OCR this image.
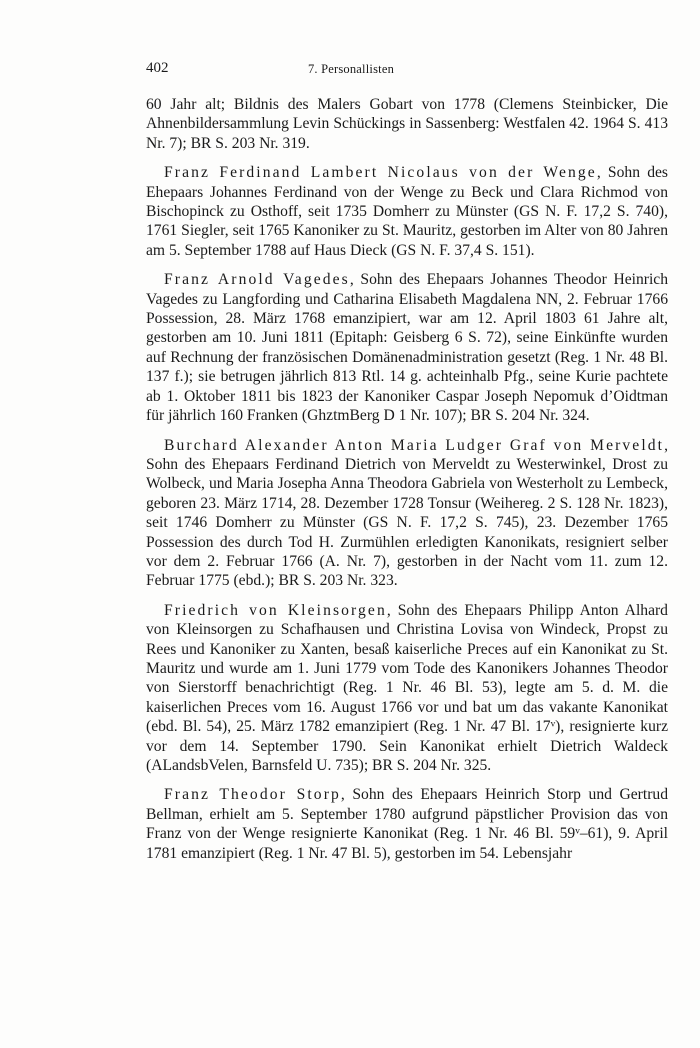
402	7. Personallisten

60 Jahr alt; Bildnis des Malers Gobart von 1778 (Clemens Steinbicker, Die Ahnenbildersammlung Levin Schückings in Sassenberg: Westfalen 42. 1964 S. 413 Nr. 7); BR S. 203 Nr. 319.

Franz Ferdinand Lambert Nicolaus von der Wenge, Sohn des Ehepaars Johannes Ferdinand von der Wenge zu Beck und Clara Richmod von Bischopinck zu Osthoff, seit 1735 Domherr zu Münster (GS N. F. 17,2 S. 740), 1761 Siegler, seit 1765 Kanoniker zu St. Mauritz, gestorben im Alter von 80 Jahren am 5. September 1788 auf Haus Dieck (GS N. F. 37,4 S. 151).

Franz Arnold Vagedes, Sohn des Ehepaars Johannes Theodor Heinrich Vagedes zu Langfording und Catharina Elisabeth Magdalena NN, 2. Februar 1766 Possession, 28. März 1768 emanzipiert, war am 12. April 1803 61 Jahre alt, gestorben am 10. Juni 1811 (Epitaph: Geisberg 6 S. 72), seine Einkünfte wurden auf Rechnung der französischen Domänenadministration gesetzt (Reg. 1 Nr. 48 Bl. 137 f.); sie betrugen jährlich 813 Rtl. 14 g. achteinhalb Pfg., seine Kurie pachtete ab 1. Oktober 1811 bis 1823 der Kanoniker Caspar Joseph Nepomuk d’Oidtman für jährlich 160 Franken (GhztmBerg D 1 Nr. 107); BR S. 204 Nr. 324.

Burchard Alexander Anton Maria Ludger Graf von Merveldt, Sohn des Ehepaars Ferdinand Dietrich von Merveldt zu Westerwinkel, Drost zu Wolbeck, und Maria Josepha Anna Theodora Gabriela von Westerholt zu Lembeck, geboren 23. März 1714, 28. Dezember 1728 Tonsur (Weihereg. 2 S. 128 Nr. 1823), seit 1746 Domherr zu Münster (GS N. F. 17,2 S. 745), 23. Dezember 1765 Possession des durch Tod H. Zurmühlen erledigten Kanonikats, resigniert selber vor dem 2. Februar 1766 (A. Nr. 7), gestorben in der Nacht vom 11. zum 12. Februar 1775 (ebd.); BR S. 203 Nr. 323.

Friedrich von Kleinsorgen, Sohn des Ehepaars Philipp Anton Alhard von Kleinsorgen zu Schafhausen und Christina Lovisa von Windeck, Propst zu Rees und Kanoniker zu Xanten, besaß kaiserliche Preces auf ein Kanonikat zu St. Mauritz und wurde am 1. Juni 1779 vom Tode des Kanonikers Johannes Theodor von Sierstorff benachrichtigt (Reg. 1 Nr. 46 Bl. 53), legte am 5. d. M. die kaiserlichen Preces vom 16. August 1766 vor und bat um das vakante Kanonikat (ebd. Bl. 54), 25. März 1782 emanzipiert (Reg. 1 Nr. 47 Bl. 17ᵛ), resignierte kurz vor dem 14. September 1790. Sein Kanonikat erhielt Dietrich Waldeck (ALandsbVelen, Barnsfeld U. 735); BR S. 204 Nr. 325.

Franz Theodor Storp, Sohn des Ehepaars Heinrich Storp und Gertrud Bellman, erhielt am 5. September 1780 aufgrund päpstlicher Provision das von Franz von der Wenge resignierte Kanonikat (Reg. 1 Nr. 46 Bl. 59ᵛ–61), 9. April 1781 emanzipiert (Reg. 1 Nr. 47 Bl. 5), gestorben im 54. Lebensjahr
